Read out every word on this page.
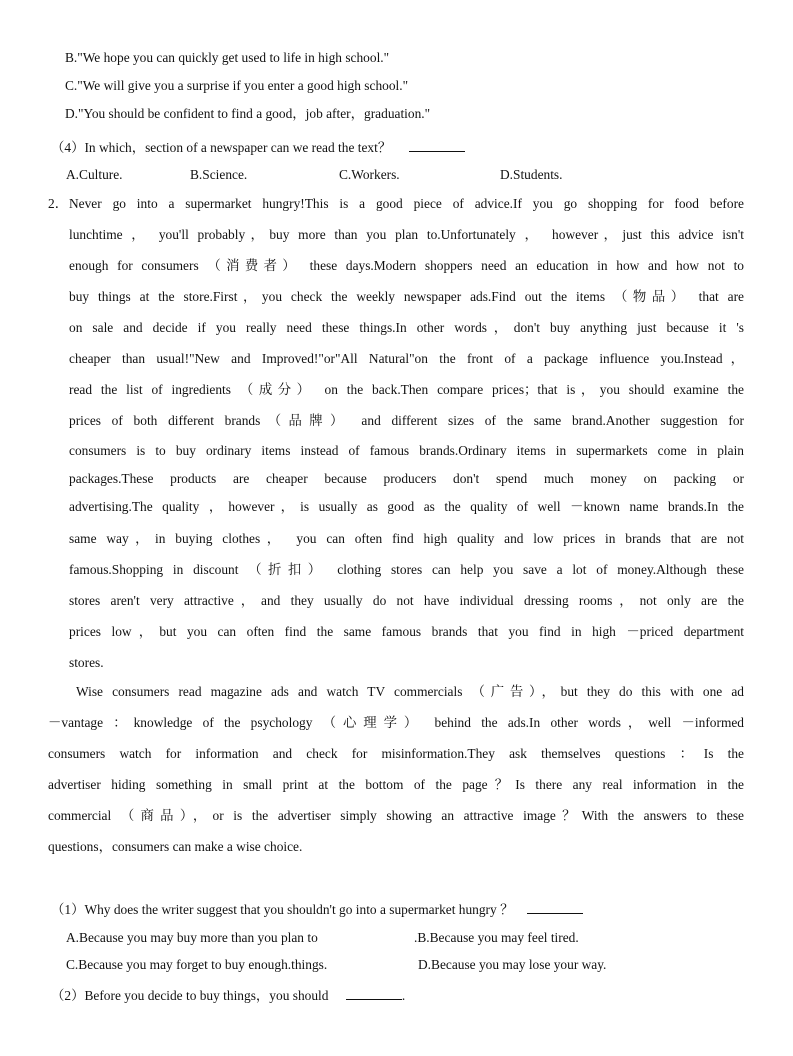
B."We hope you can quickly get used to life in high school."
C."We will give you a surprise if you enter a good high school."
D."You should be confident to find a good，job after，graduation."
（4）In which，section of a newspaper can we read the text？
A.Culture.	B.Science.	C.Workers.	D.Students.
2． Never go into a supermarket hungry!This is a good piece of advice.If you go shopping for food before
lunchtime ， you'll probably，buy more than you plan to.Unfortunately ， however，just this advice isn't
enough for consumers （消费者） these days.Modern shoppers need an education in how and how not to
buy things at the store.First，you check the weekly newspaper ads.Find out the items （物品） that are
on sale and decide if you really need these things.In other words，don't buy anything just because it 's
cheaper than usual!"New and Improved!"or"All Natural"on the front of a package influence you.Instead，
read the list of ingredients （成分） on the back.Then compare prices；that is，you should examine the
prices of both different brands（品牌） and different sizes of the same brand.Another suggestion for
consumers is to buy ordinary items instead of famous brands.Ordinary items in supermarkets come in plain
packages.These products are cheaper because producers don't spend much money on packing or
advertising.The quality ，however，is usually as good as the quality of well －known name brands.In the
same way，in buying clothes， you can often find high quality and low prices in brands that are not
famous.Shopping in discount （折扣） clothing stores can help you save a lot of money.Although these
stores aren't very attractive，and they usually do not have individual dressing rooms，not only are the
prices low，but you can often find the same famous brands that you find in high －priced department
stores.
Wise consumers read magazine ads and watch TV commercials （广告），but they do this with one ad
－vantage ：knowledge of the psychology （心理学） behind the ads.In other words，well －informed
consumers watch for information and check for misinformation.They ask themselves questions ：Is the
advertiser hiding something in small print at the bottom of the page？Is there any real information in the
commercial （商品），or is the advertiser simply showing an attractive image？With the answers to these
questions，consumers can make a wise choice.
（1）Why does the writer suggest that you shouldn't go into a supermarket hungry ？
A.Because you may buy more than you plan to	.B.Because you may feel tired.
C.Because you may forget to buy enough.things.	D.Because you may lose your way.
（2）Before you decide to buy things，you should	.
